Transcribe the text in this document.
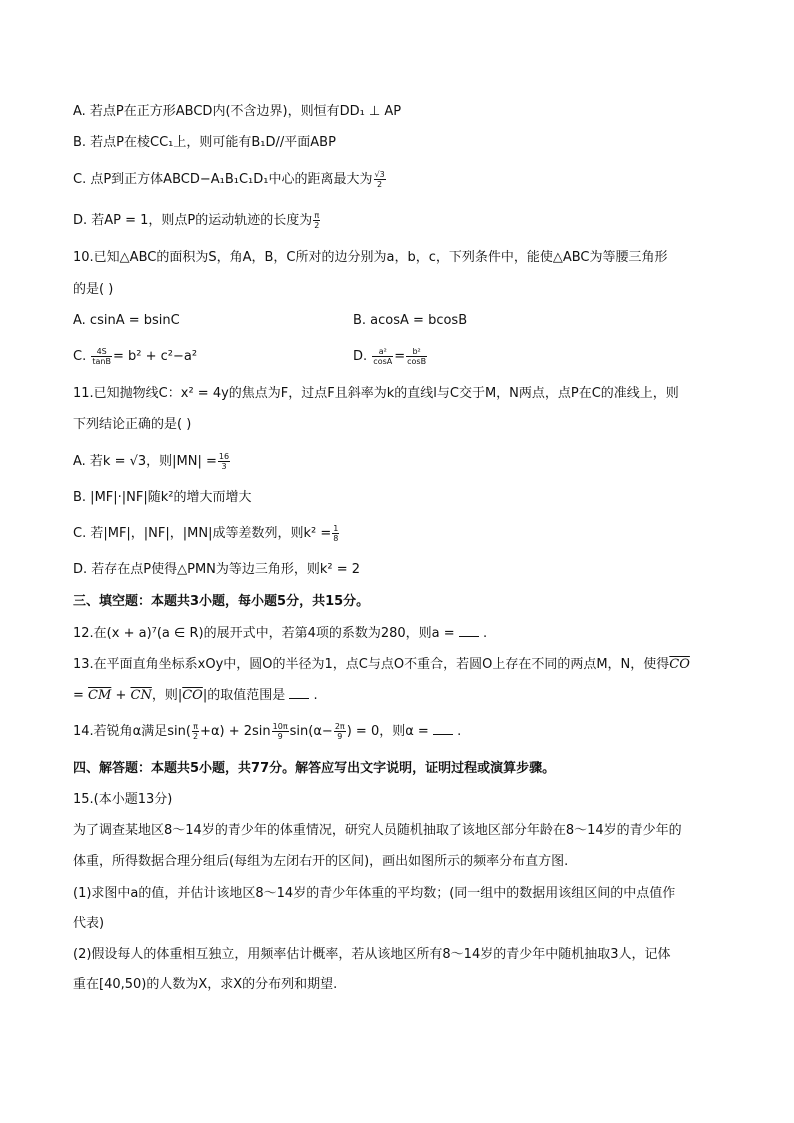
A. 若点P在正方形ABCD内(不含边界)，则恒有DD₁ ⊥ AP
B. 若点P在棱CC₁上，则可能有B₁D//平面ABP
C. 点P到正方体ABCD−A₁B₁C₁D₁中心的距离最大为 $\frac{√3}{2}$
D. 若AP = 1，则点P的运动轨迹的长度为 $\frac{\pi}{2}$
10.已知△ABC的面积为S，角A，B，C所对的边分别为a，b，c，下列条件中，能使△ABC为等腰三角形
的是( )
A. csinA = bsinC	B. acosA = bcosB
C. $\frac{4S}{\tan B} = b^2 + c^2-a^2$	D. $\frac{\text{a²}}{\cos A} = \frac{\text{b²}}{\cos B}$
11.已知抛物线C：x² = 4y的焦点为F，过点F且斜率为k的直线l与C交于M，N两点，点P在C的准线上，则
下列结论正确的是( )
A. 若k = √3，则$|MN| = \frac{16}{3}$
B. |MF|·|NF|随k²的增大而增大
C. 若|MF|，|NF|，|MN|成等差数列，则$k^2 = \frac{1}{8}$
D. 若存在点P使得△PMN为等边三角形，则k² = 2
三、填空题：本题共3小题，每小题5分，共15分。
12.在(x + a)⁷(a ∈ R)的展开式中，若第4项的系数为280，则a = .
13.在平面直角坐标系xOy中，圆O的半径为1，点C与点O不重合，若圆O上存在不同的两点M，N，使得$\overline{CO}$
= $\overline{CM} + \overline{CN}$，则$|\overline{CO}|$的取值范围是 .
14.若锐角α满足$\sin( \frac{\pi}{2} +\alpha) + 2\sin \frac{10\pi}{9} \sin(\alpha- \frac{2\pi}{9}$ ) = 0，则α = .
四、解答题：本题共5小题，共77分。解答应写出文字说明，证明过程或演算步骤。
15.(本小题13分)
为了调查某地区8～14岁的青少年的体重情况，研究人员随机抽取了该地区部分年龄在8～14岁的青少年的
体重，所得数据合理分组后(每组为左闭右开的区间)，画出如图所示的频率分布直方图.
(1)求图中a的值，并估计该地区8～14岁的青少年体重的平均数；(同一组中的数据用该组区间的中点值作
代表)
(2)假设每人的体重相互独立，用频率估计概率，若从该地区所有8～14岁的青少年中随机抽取3人，记体
重在[40,50)的人数为X，求X的分布列和期望.
